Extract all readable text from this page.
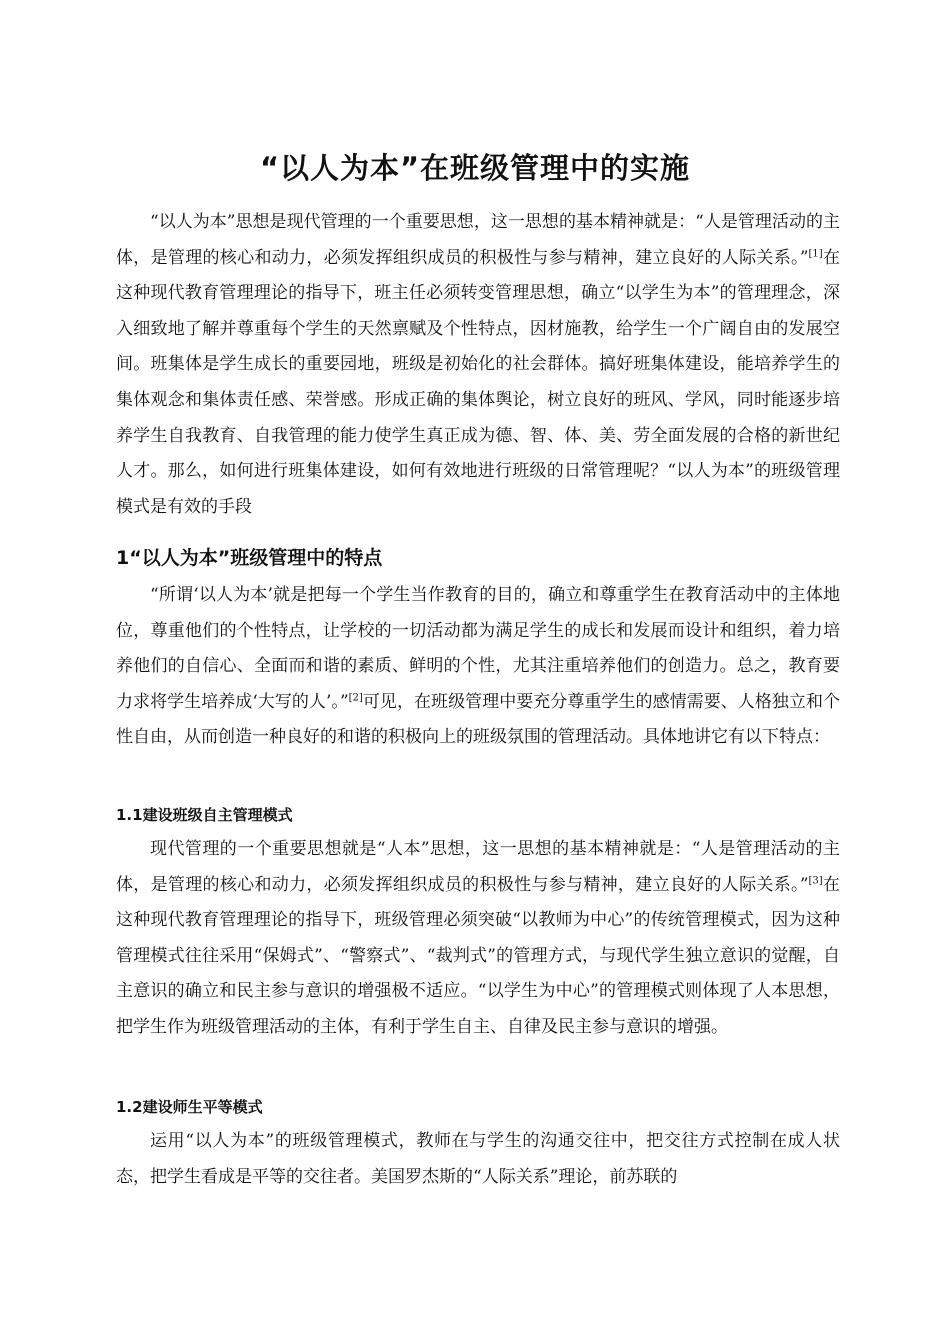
“以人为本”在班级管理中的实施

“以人为本”思想是现代管理的一个重要思想，这一思想的基本精神就是：“人是管理活动的主体，是管理的核心和动力，必须发挥组织成员的积极性与参与精神，建立良好的人际关系。”[1]在这种现代教育管理理论的指导下，班主任必须转变管理思想，确立“以学生为本”的管理理念，深入细致地了解并尊重每个学生的天然禀赋及个性特点，因材施教，给学生一个广阔自由的发展空间。班集体是学生成长的重要园地，班级是初始化的社会群体。搞好班集体建设，能培养学生的集体观念和集体责任感、荣誉感。形成正确的集体舆论，树立良好的班风、学风，同时能逐步培养学生自我教育、自我管理的能力使学生真正成为德、智、体、美、劳全面发展的合格的新世纪人才。那么，如何进行班集体建设，如何有效地进行班级的日常管理呢？“以人为本”的班级管理模式是有效的手段

1“以人为本”班级管理中的特点

“所谓‘以人为本’就是把每一个学生当作教育的目的，确立和尊重学生在教育活动中的主体地位，尊重他们的个性特点，让学校的一切活动都为满足学生的成长和发展而设计和组织，着力培养他们的自信心、全面而和谐的素质、鲜明的个性，尤其注重培养他们的创造力。总之，教育要力求将学生培养成‘大写的人’。”[2]可见，在班级管理中要充分尊重学生的感情需要、人格独立和个性自由，从而创造一种良好的和谐的积极向上的班级氛围的管理活动。具体地讲它有以下特点：

1.1建设班级自主管理模式

现代管理的一个重要思想就是“人本”思想，这一思想的基本精神就是：“人是管理活动的主体，是管理的核心和动力，必须发挥组织成员的积极性与参与精神，建立良好的人际关系。”[3]在这种现代教育管理理论的指导下，班级管理必须突破“以教师为中心”的传统管理模式，因为这种管理模式往往采用“保姆式”、“警察式”、“裁判式”的管理方式，与现代学生独立意识的觉醒，自主意识的确立和民主参与意识的增强极不适应。“以学生为中心”的管理模式则体现了人本思想，把学生作为班级管理活动的主体，有利于学生自主、自律及民主参与意识的增强。

1.2建设师生平等模式

运用“以人为本”的班级管理模式，教师在与学生的沟通交往中，把交往方式控制在成人状态，把学生看成是平等的交往者。美国罗杰斯的“人际关系”理论，前苏联的
